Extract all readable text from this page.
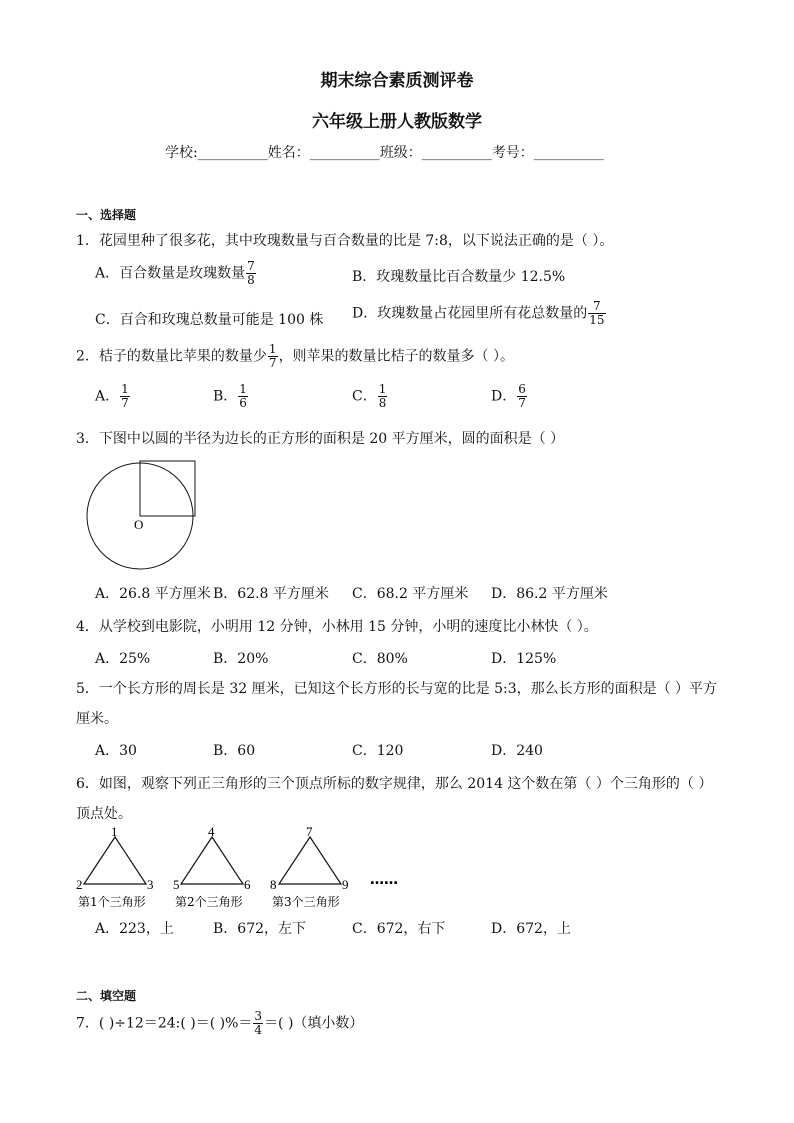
期末综合素质测评卷
六年级上册人教版数学
学校:__________姓名：__________班级：__________考号：__________
一、选择题
1．花园里种了很多花，其中玫瑰数量与百合数量的比是 7:8，以下说法正确的是（ ）。
A．百合数量是玫瑰数量 $\frac{7}{8}$	B．玫瑰数量比百合数量少 12.5%
C．百合和玫瑰总数量可能是 100 株 D．玫瑰数量占花园里所有花总数量的 $\frac{7}{15}$
2．桔子的数量比苹果的数量少 $\frac{1}{7}$ ，则苹果的数量比桔子的数量多（ ）。
A． $\frac{1}{7}$	B． $\frac{1}{6}$	C． $\frac{1}{8}$	D． $\frac{6}{7}$
3．下图中以圆的半径为边长的正方形的面积是 20 平方厘米，圆的面积是（ ）
O
A．26.8 平方厘米 B．62.8 平方厘米 C．68.2 平方厘米 D．86.2 平方厘米
4．从学校到电影院，小明用 12 分钟，小林用 15 分钟，小明的速度比小林快（ ）。
A．25%	B．20%	C．80%	D．125%
5．一个长方形的周长是 32 厘米，已知这个长方形的长与宽的比是 5:3，那么长方形的面积是（ ）平方
厘米。
A．30	B．60	C．120	D．240
6．如图，观察下列正三角形的三个顶点所标的数字规律，那么 2014 这个数在第（ ）个三角形的（ ）
顶点处。
1
2	3
第1个三角形
4
5	6
第2个三角形
7
8	9
第3个三角形
……
A．223，上	B．672，左下	C．672，右下	D．672，上
二、填空题
7．( )÷12＝24:( )＝( )%＝ $\frac{3}{4}$ ＝( )（填小数）
